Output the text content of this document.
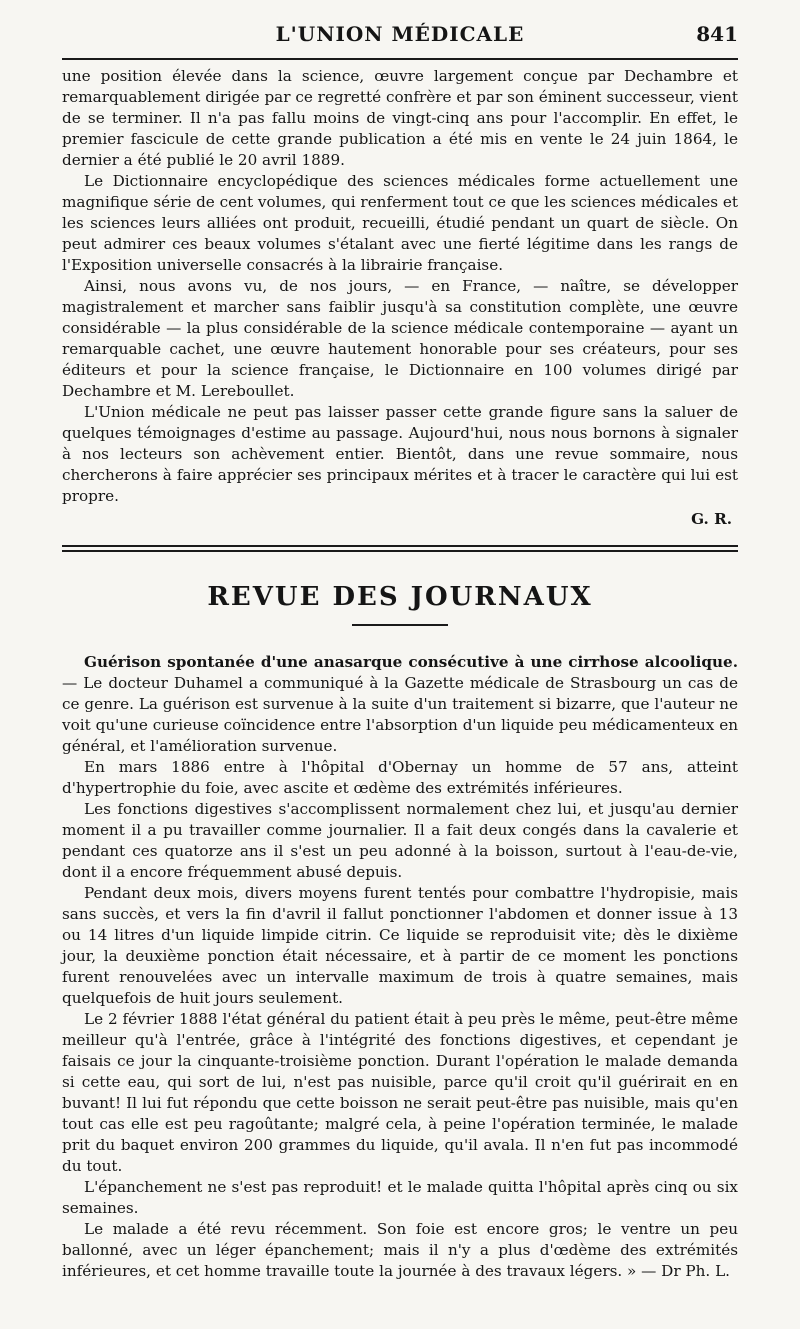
L'UNION MÉDICALE	841

une position élevée dans la science, œuvre largement conçue par Dechambre et remarquablement dirigée par ce regretté confrère et par son éminent successeur, vient de se terminer. Il n'a pas fallu moins de vingt-cinq ans pour l'accomplir. En effet, le premier fascicule de cette grande publication a été mis en vente le 24 juin 1864, le dernier a été publié le 20 avril 1889.

Le Dictionnaire encyclopédique des sciences médicales forme actuellement une magnifique série de cent volumes, qui renferment tout ce que les sciences médicales et les sciences leurs alliées ont produit, recueilli, étudié pendant un quart de siècle. On peut admirer ces beaux volumes s'étalant avec une fierté légitime dans les rangs de l'Exposition universelle consacrés à la librairie française.

Ainsi, nous avons vu, de nos jours, — en France, — naître, se développer magistralement et marcher sans faiblir jusqu'à sa constitution complète, une œuvre considérable — la plus considérable de la science médicale contemporaine — ayant un remarquable cachet, une œuvre hautement honorable pour ses créateurs, pour ses éditeurs et pour la science française, le Dictionnaire en 100 volumes dirigé par Dechambre et M. Lereboullet.

L'Union médicale ne peut pas laisser passer cette grande figure sans la saluer de quelques témoignages d'estime au passage. Aujourd'hui, nous nous bornons à signaler à nos lecteurs son achèvement entier. Bientôt, dans une revue sommaire, nous chercherons à faire apprécier ses principaux mérites et à tracer le caractère qui lui est propre.

G. R.
REVUE DES JOURNAUX

Guérison spontanée d'une anasarque consécutive à une cirrhose alcoolique. — Le docteur Duhamel a communiqué à la Gazette médicale de Strasbourg un cas de ce genre. La guérison est survenue à la suite d'un traitement si bizarre, que l'auteur ne voit qu'une curieuse coïncidence entre l'absorption d'un liquide peu médicamenteux en général, et l'amélioration survenue.

En mars 1886 entre à l'hôpital d'Obernay un homme de 57 ans, atteint d'hypertrophie du foie, avec ascite et œdème des extrémités inférieures.

Les fonctions digestives s'accomplissent normalement chez lui, et jusqu'au dernier moment il a pu travailler comme journalier. Il a fait deux congés dans la cavalerie et pendant ces quatorze ans il s'est un peu adonné à la boisson, surtout à l'eau-de-vie, dont il a encore fréquemment abusé depuis.

Pendant deux mois, divers moyens furent tentés pour combattre l'hydropisie, mais sans succès, et vers la fin d'avril il fallut ponctionner l'abdomen et donner issue à 13 ou 14 litres d'un liquide limpide citrin. Ce liquide se reproduisit vite; dès le dixième jour, la deuxième ponction était nécessaire, et à partir de ce moment les ponctions furent renouvelées avec un intervalle maximum de trois à quatre semaines, mais quelquefois de huit jours seulement.

Le 2 février 1888 l'état général du patient était à peu près le même, peut-être même meilleur qu'à l'entrée, grâce à l'intégrité des fonctions digestives, et cependant je faisais ce jour la cinquante-troisième ponction. Durant l'opération le malade demanda si cette eau, qui sort de lui, n'est pas nuisible, parce qu'il croit qu'il guérirait en en buvant! Il lui fut répondu que cette boisson ne serait peut-être pas nuisible, mais qu'en tout cas elle est peu ragoûtante; malgré cela, à peine l'opération terminée, le malade prit du baquet environ 200 grammes du liquide, qu'il avala. Il n'en fut pas incommodé du tout.

L'épanchement ne s'est pas reproduit! et le malade quitta l'hôpital après cinq ou six semaines.

Le malade a été revu récemment. Son foie est encore gros; le ventre un peu ballonné, avec un léger épanchement; mais il n'y a plus d'œdème des extrémités inférieures, et cet homme travaille toute la journée à des travaux légers. » — Dr Ph. L.
